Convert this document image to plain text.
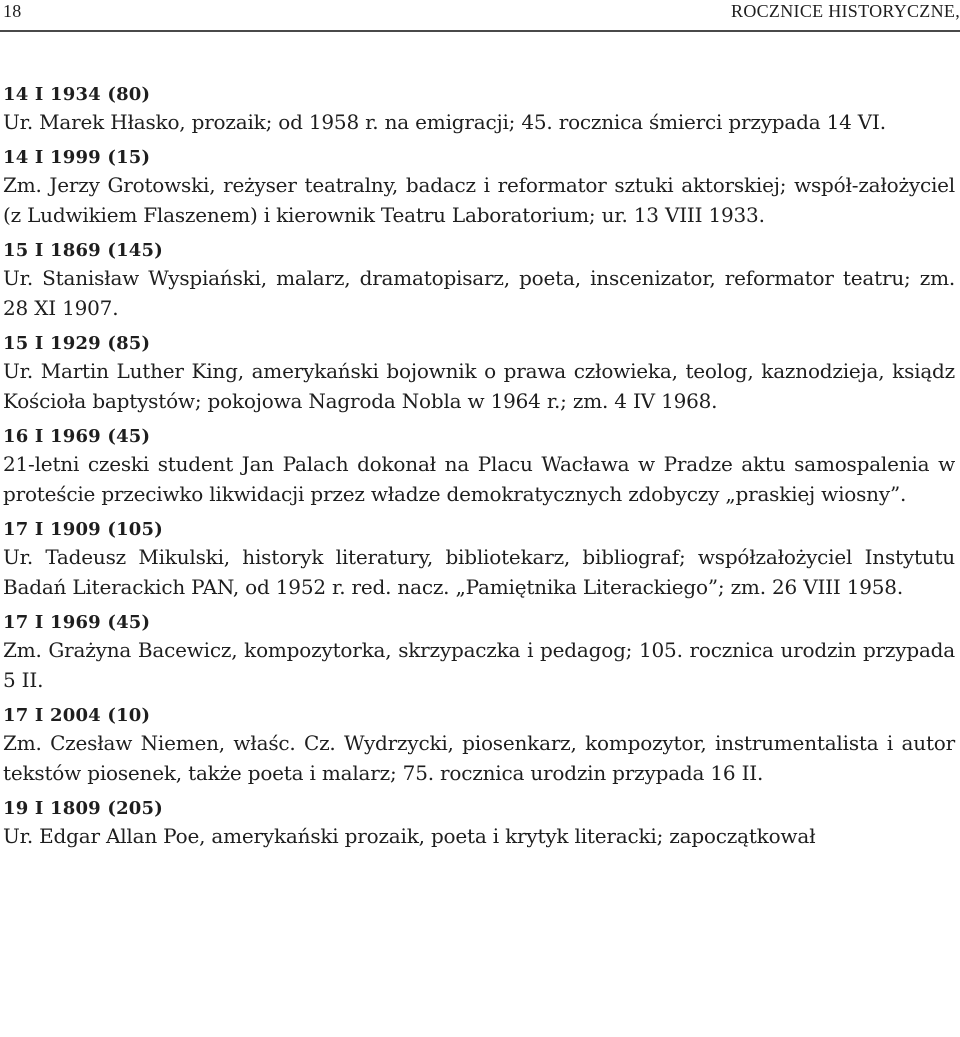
18	ROCZNICE HISTORYCZNE,
14 I 1934 (80)
Ur. Marek Hłasko, prozaik; od 1958 r. na emigracji; 45. rocznica śmierci przypada 14 VI.
14 I 1999 (15)
Zm. Jerzy Grotowski, reżyser teatralny, badacz i reformator sztuki aktorskiej; współ-założyciel (z Ludwikiem Flaszenem) i kierownik Teatru Laboratorium; ur. 13 VIII 1933.
15 I 1869 (145)
Ur. Stanisław Wyspiański, malarz, dramatopisarz, poeta, inscenizator, reformator teatru; zm. 28 XI 1907.
15 I 1929 (85)
Ur. Martin Luther King, amerykański bojownik o prawa człowieka, teolog, kaznodzieja, ksiądz Kościoła baptystów; pokojowa Nagroda Nobla w 1964 r.; zm. 4 IV 1968.
16 I 1969 (45)
21-letni czeski student Jan Palach dokonał na Placu Wacława w Pradze aktu samospalenia w proteście przeciwko likwidacji przez władze demokratycznych zdobyczy „praskiej wiosny”.
17 I 1909 (105)
Ur. Tadeusz Mikulski, historyk literatury, bibliotekarz, bibliograf; współzałożyciel Instytutu Badań Literackich PAN, od 1952 r. red. nacz. „Pamiętnika Literackiego”; zm. 26 VIII 1958.
17 I 1969 (45)
Zm. Grażyna Bacewicz, kompozytorka, skrzypaczka i pedagog; 105. rocznica urodzin przypada 5 II.
17 I 2004 (10)
Zm. Czesław Niemen, właśc. Cz. Wydrzycki, piosenkarz, kompozytor, instrumentalista i autor tekstów piosenek, także poeta i malarz; 75. rocznica urodzin przypada 16 II.
19 I 1809 (205)
Ur. Edgar Allan Poe, amerykański prozaik, poeta i krytyk literacki; zapoczątkował
